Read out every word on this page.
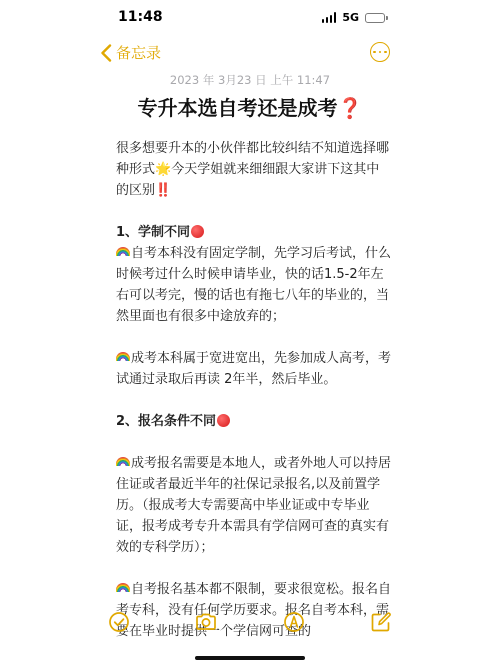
11:48	5G
备忘录
2023 年 3月23 日 上午 11:47
专升本选自考还是成考❓

很多想要升本的小伙伴都比较纠结不知道选择哪种形式🌟今天学姐就来细细跟大家讲下这其中的区别‼️

1、学制不同

自考本科没有固定学制，先学习后考试，什么时候考过什么时候申请毕业，快的话1.5-2年左右可以考完，慢的话也有拖七八年的毕业的，当然里面也有很多中途放弃的；

成考本科属于宽进宽出，先参加成人高考，考试通过录取后再读 2年半，然后毕业。

2、报名条件不同

成考报名需要是本地人，或者外地人可以持居住证或者最近半年的社保记录报名,以及前置学历。（报成考大专需要高中毕业证或中专毕业证，报考成考专升本需具有学信网可查的真实有效的专科学历）；

自考报名基本都不限制，要求很宽松。报名自考专科，没有任何学历要求。报名自考本科，需要在毕业时提供一个学信网可查的
